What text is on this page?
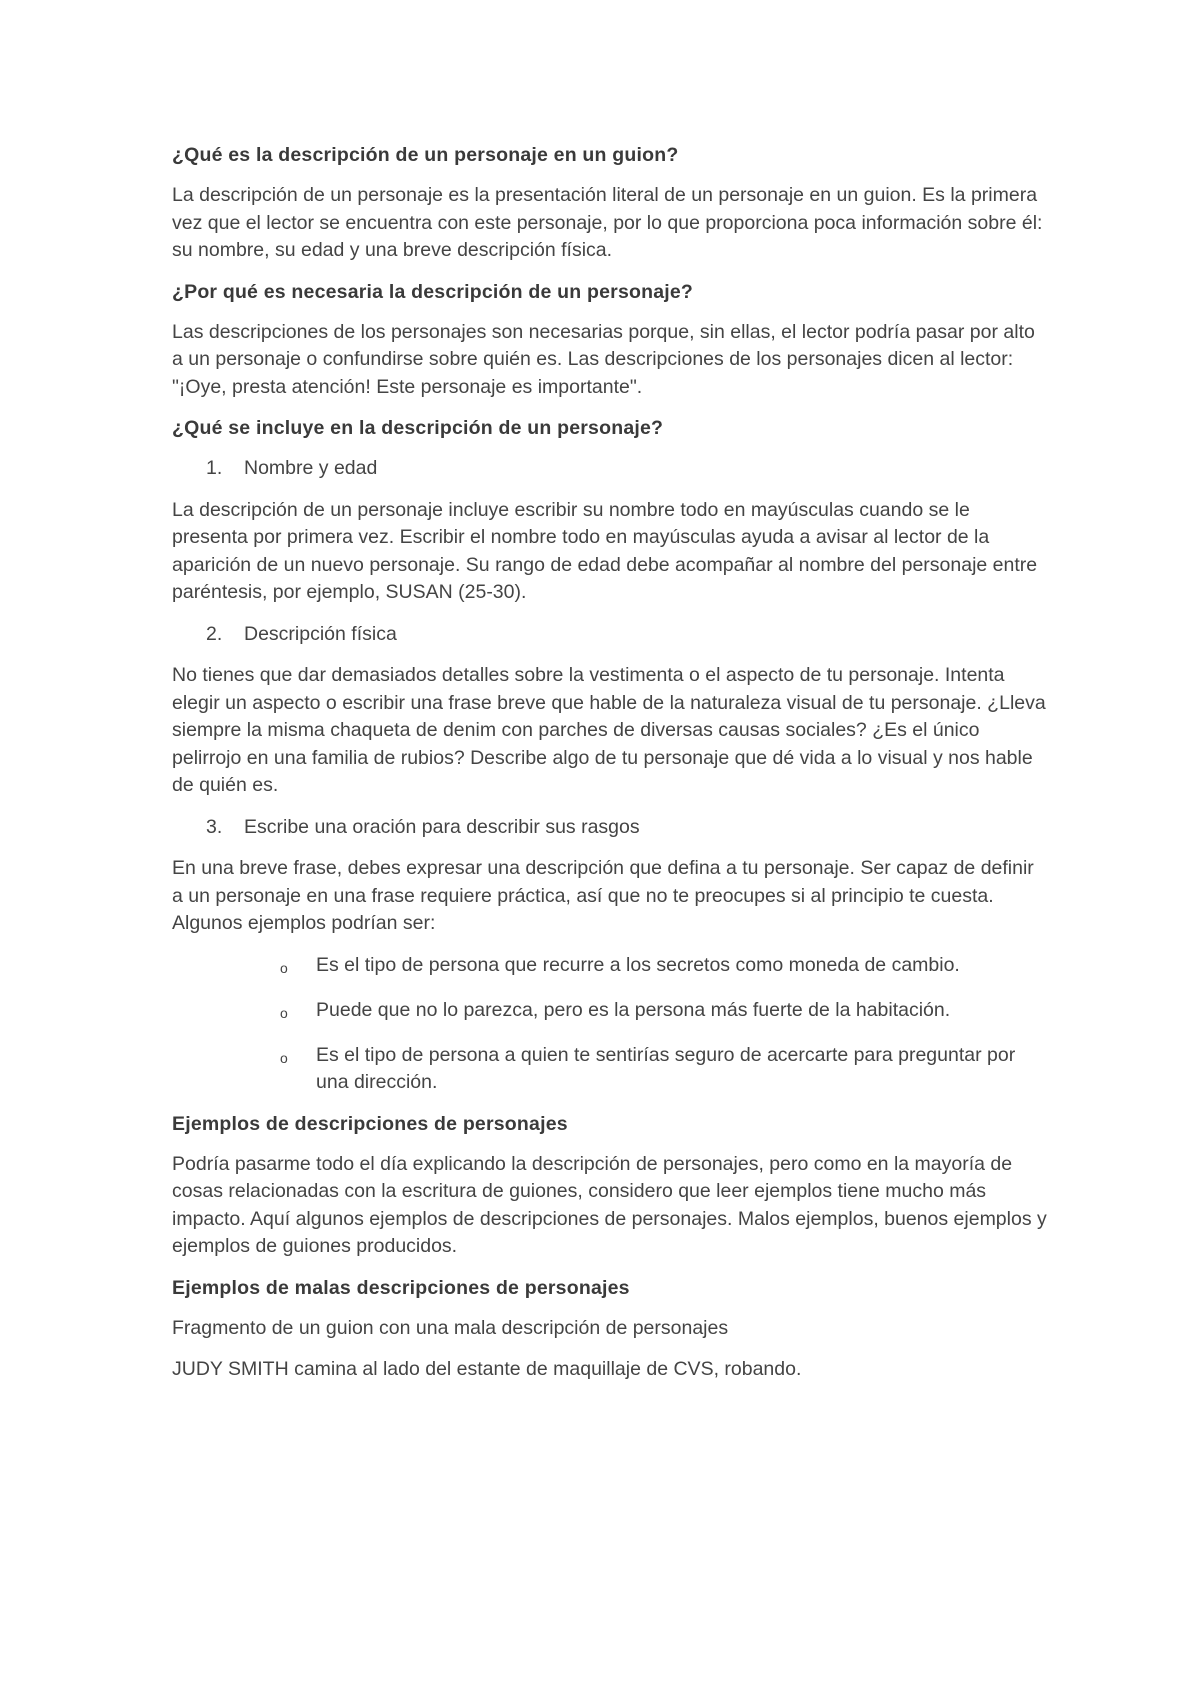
¿Qué es la descripción de un personaje en un guion?

La descripción de un personaje es la presentación literal de un personaje en un guion. Es la primera vez que el lector se encuentra con este personaje, por lo que proporciona poca información sobre él: su nombre, su edad y una breve descripción física.

¿Por qué es necesaria la descripción de un personaje?

Las descripciones de los personajes son necesarias porque, sin ellas, el lector podría pasar por alto a un personaje o confundirse sobre quién es. Las descripciones de los personajes dicen al lector: "¡Oye, presta atención! Este personaje es importante".

¿Qué se incluye en la descripción de un personaje?
1.	Nombre y edad

La descripción de un personaje incluye escribir su nombre todo en mayúsculas cuando se le presenta por primera vez. Escribir el nombre todo en mayúsculas ayuda a avisar al lector de la aparición de un nuevo personaje. Su rango de edad debe acompañar al nombre del personaje entre paréntesis, por ejemplo, SUSAN (25-30).

2.	Descripción física

No tienes que dar demasiados detalles sobre la vestimenta o el aspecto de tu personaje. Intenta elegir un aspecto o escribir una frase breve que hable de la naturaleza visual de tu personaje. ¿Lleva siempre la misma chaqueta de denim con parches de diversas causas sociales? ¿Es el único pelirrojo en una familia de rubios? Describe algo de tu personaje que dé vida a lo visual y nos hable de quién es.

3.	Escribe una oración para describir sus rasgos

En una breve frase, debes expresar una descripción que defina a tu personaje. Ser capaz de definir a un personaje en una frase requiere práctica, así que no te preocupes si al principio te cuesta. Algunos ejemplos podrían ser:

o	Es el tipo de persona que recurre a los secretos como moneda de cambio.
o	Puede que no lo parezca, pero es la persona más fuerte de la habitación.
o	Es el tipo de persona a quien te sentirías seguro de acercarte para preguntar por una dirección.
Ejemplos de descripciones de personajes

Podría pasarme todo el día explicando la descripción de personajes, pero como en la mayoría de cosas relacionadas con la escritura de guiones, considero que leer ejemplos tiene mucho más impacto. Aquí algunos ejemplos de descripciones de personajes. Malos ejemplos, buenos ejemplos y ejemplos de guiones producidos.

Ejemplos de malas descripciones de personajes

Fragmento de un guion con una mala descripción de personajes

JUDY SMITH camina al lado del estante de maquillaje de CVS, robando.
